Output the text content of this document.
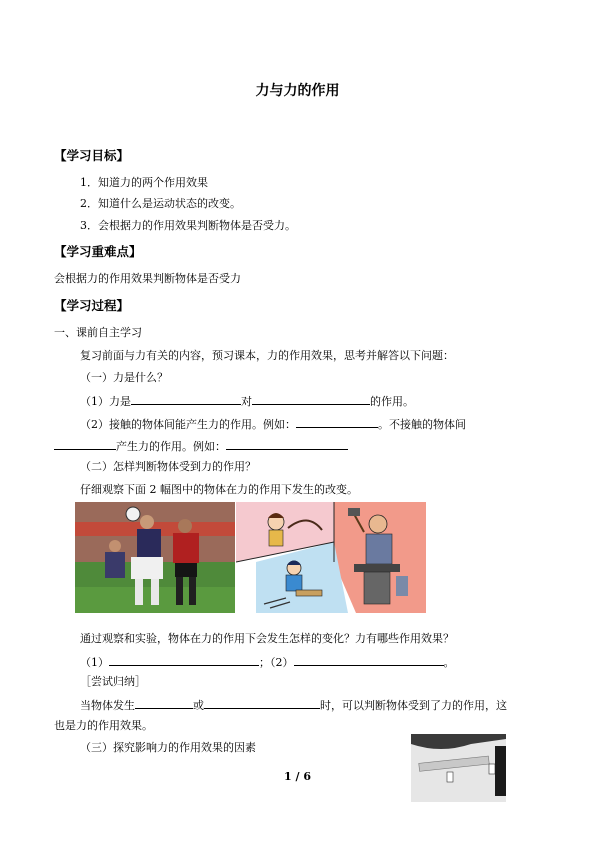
力与力的作用
【学习目标】
1．知道力的两个作用效果
2．知道什么是运动状态的改变。
3．会根据力的作用效果判断物体是否受力。
【学习重难点】
会根据力的作用效果判断物体是否受力
【学习过程】
一、课前自主学习
复习前面与力有关的内容，预习课本，力的作用效果，思考并解答以下问题：
（一）力是什么？
（1）力是	对	的作用。
（2）接触的物体间能产生力的作用。例如：	。不接触的物体间
产生力的作用。例如：
（二）怎样判断物体受到力的作用？
仔细观察下面 2 幅图中的物体在力的作用下发生的改变。
通过观察和实验，物体在力的作用下会发生怎样的变化？力有哪些作用效果？
（1）	；（2）	。
［尝试归纳］
当物体发生	或	时，可以判断物体受到了力的作用，这
也是力的作用效果。
（三）探究影响力的作用效果的因素
1 / 6
